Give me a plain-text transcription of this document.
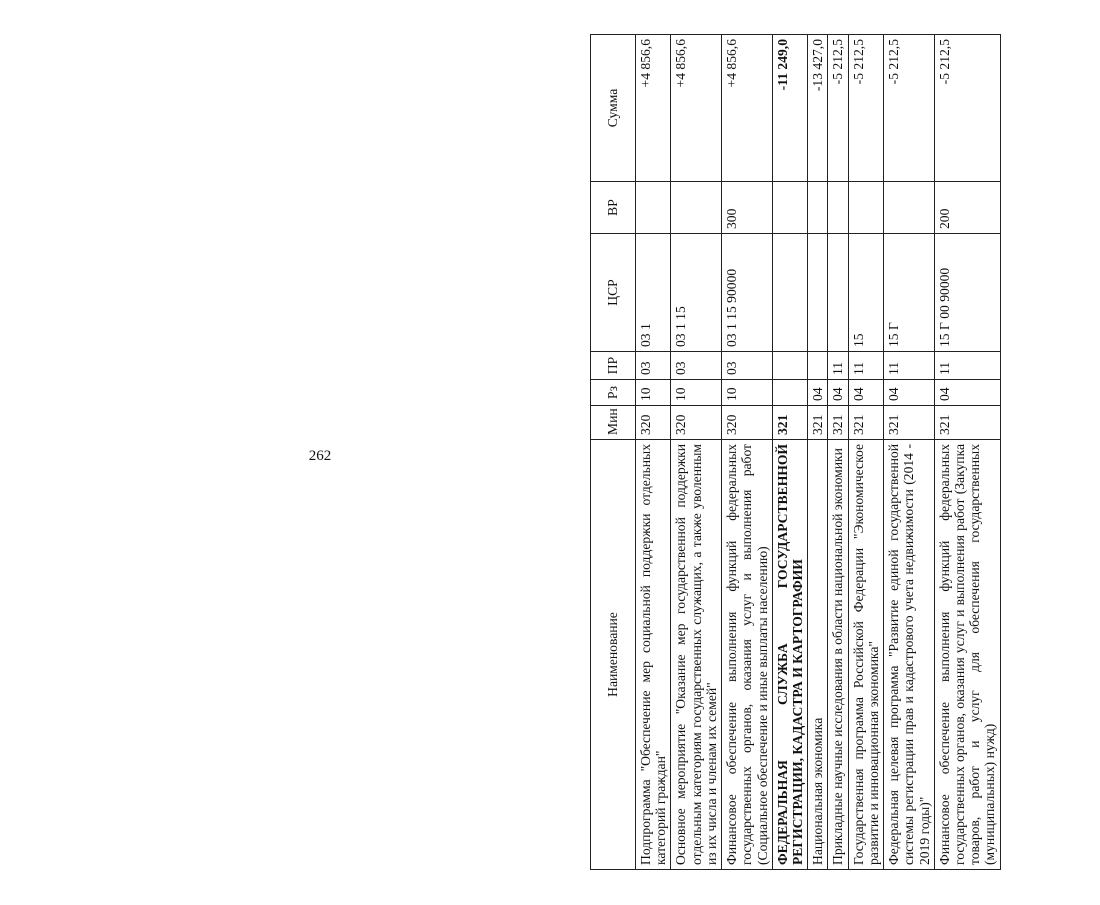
262
Наименование	Мин	Рз	ПР	ЦСР	ВР	Сумма
Подпрограмма "Обеспечение мер социальной поддержки отдельных категорий граждан"	320	10	03	03 1		+4 856,6
Основное мероприятие "Оказание мер государственной поддержки отдельным категориям государственных служащих, а также уволенным из их числа и членам их семей"	320	10	03	03 1 15		+4 856,6
Финансовое обеспечение выполнения функций федеральных государственных органов, оказания услуг и выполнения работ (Социальное обеспечение и иные выплаты населению)	320	10	03	03 1 15 90000	300	+4 856,6
ФЕДЕРАЛЬНАЯ СЛУЖБА ГОСУДАРСТВЕННОЙ РЕГИСТРАЦИИ, КАДАСТРА И КАРТОГРАФИИ	321					-11 249,0
Национальная экономика	321	04				-13 427,0
Прикладные научные исследования в области национальной экономики	321	04	11			-5 212,5
Государственная программа Российской Федерации "Экономическое развитие и инновационная экономика"	321	04	11	15		-5 212,5
Федеральная целевая программа "Развитие единой государственной системы регистрации прав и кадастрового учета недвижимости (2014 - 2019 годы)"	321	04	11	15 Г		-5 212,5
Финансовое обеспечение выполнения функций федеральных государственных органов, оказания услуг и выполнения работ (Закупка товаров, работ и услуг для обеспечения государственных (муниципальных) нужд)	321	04	11	15 Г 00 90000	200	-5 212,5
